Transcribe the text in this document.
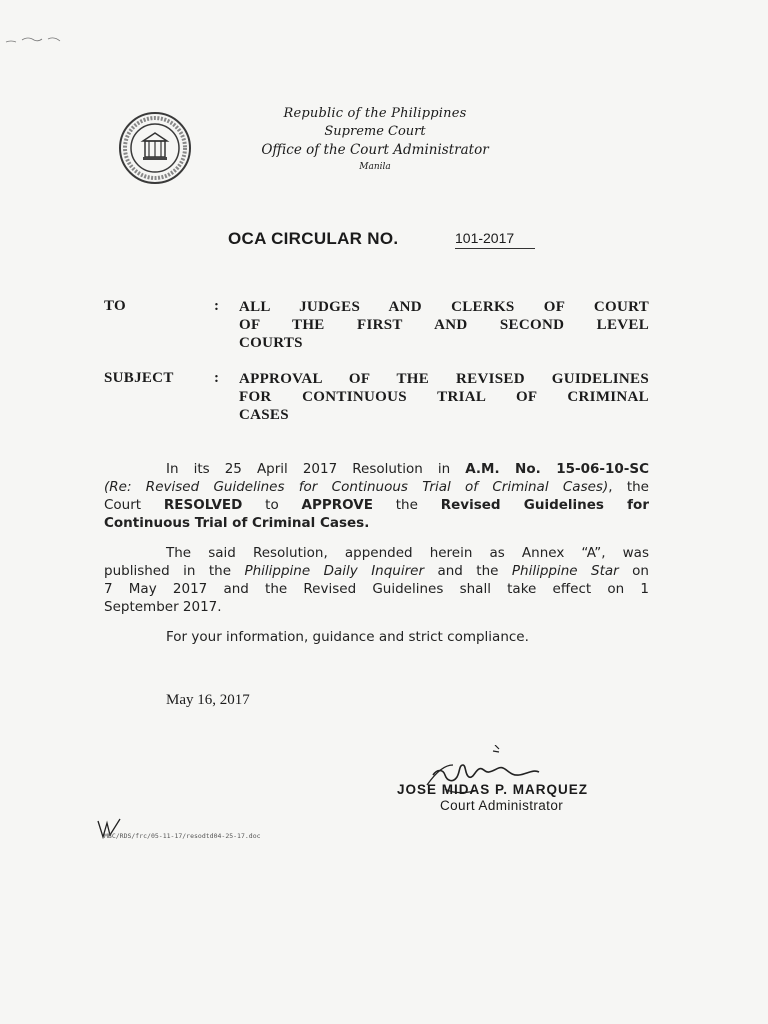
Republic of the Philippines
Supreme Court
Office of the Court Administrator
Manila
OCA CIRCULAR NO.	101-2017
TO	: ALL JUDGES AND CLERKS OF COURT
OF THE FIRST AND SECOND LEVEL
COURTS
SUBJECT	: APPROVAL OF THE REVISED GUIDELINES
FOR CONTINUOUS TRIAL OF CRIMINAL
CASES
In its 25 April 2017 Resolution in A.M. No. 15-06-10-SC
(Re: Revised Guidelines for Continuous Trial of Criminal Cases), the
Court RESOLVED to APPROVE the Revised Guidelines for
Continuous Trial of Criminal Cases.
The said Resolution, appended herein as Annex “A”, was
published in the Philippine Daily Inquirer and the Philippine Star on
7 May 2017 and the Revised Guidelines shall take effect on 1
September 2017.
For your information, guidance and strict compliance.
May 16, 2017
JOSE MIDAS P. MARQUEZ
Court Administrator
MBC/RDS/frc/05-11-17/resodtd04-25-17.doc
